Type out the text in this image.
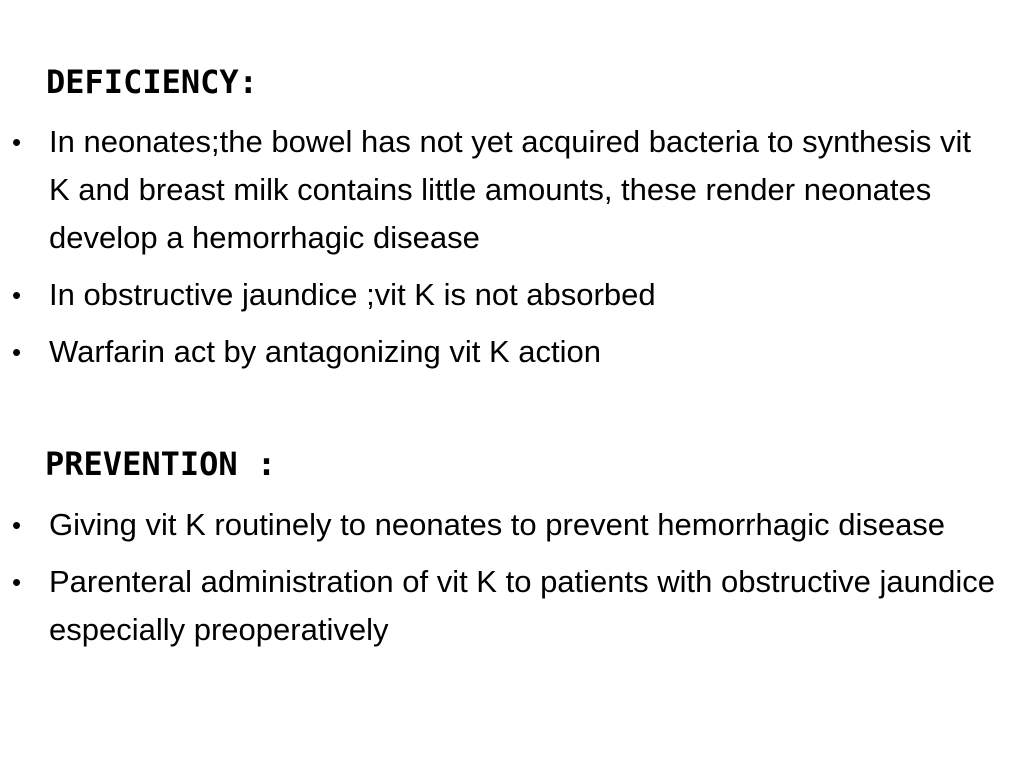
DEFICIENCY:
• In neonates;the bowel has not yet acquired bacteria to synthesis vit K and breast milk contains little amounts, these render neonates develop a hemorrhagic disease
• In obstructive jaundice ;vit K is not absorbed
• Warfarin act by antagonizing vit K action
PREVENTION :
• Giving vit K routinely to neonates to prevent hemorrhagic disease
• Parenteral administration of vit K to patients with obstructive jaundice especially preoperatively
